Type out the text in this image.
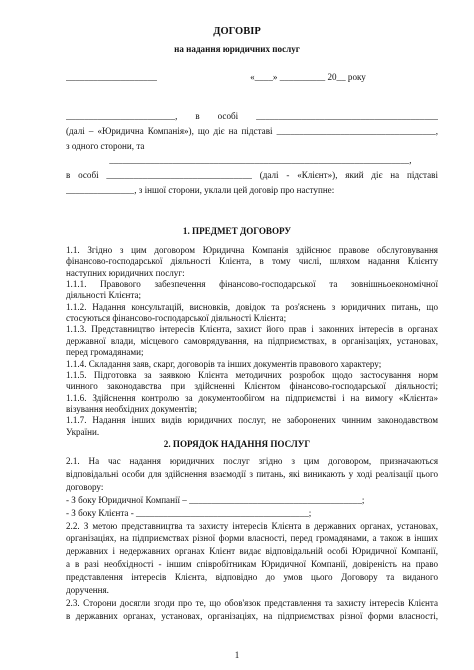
ДОГОВІР
на надання юридичних послуг
____________________                                         «____» __________ 20__ року
________________________, в особі ________________________________________
(далі – «Юридична Компанія»), що діє на підставі ___________________________________,
з одного сторони, та
__________________________________________________________________,
в особі ________________________________ (далі - «Клієнт»), який діє на підставі
_______________, з іншої сторони, уклали цей договір про наступне:
1. ПРЕДМЕТ ДОГОВОРУ
1.1. Згідно з цим договором Юридична Компанія здійснює правове обслуговування
фінансово-господарської діяльності Клієнта, в тому числі, шляхом надання Клієнту
наступних юридичних послуг:
1.1.1. Правового забезпечення фінансово-господарської та зовнішньоекономічної
діяльності Клієнта;
1.1.2. Надання консультацій, висновків, довідок та роз'яснень з юридичних питань, що
стосуються фінансово-господарської діяльності Клієнта;
1.1.3. Представництво інтересів Клієнта, захист його прав і законних інтересів в органах
державної влади, місцевого самоврядування, на підприємствах, в організаціях, установах,
перед громадянами;
1.1.4. Складання заяв, скарг, договорів та інших документів правового характеру;
1.1.5. Підготовка за заявкою Клієнта методичних розробок щодо застосування норм
чинного законодавства при здійсненні Клієнтом фінансово-господарської діяльності;
1.1.6. Здійснення контролю за документообігом на підприємстві і на вимогу «Клієнта»
візування необхідних документів;
1.1.7. Надання інших видів юридичних послуг, не заборонених чинним законодавством
України.
2. ПОРЯДОК НАДАННЯ ПОСЛУГ
2.1. На час надання юридичних послуг згідно з цим договором, призначаються
відповідальні особи для здійснення взаємодії з питань, які виникають у ході реалізації цього
договору:
- З боку Юридичної Компанії – ______________________________________;
- З боку Клієнта - ______________________________________;
2.2. З метою представництва та захисту інтересів Клієнта в державних органах, установах,
організаціях, на підприємствах різної форми власності, перед громадянами, а також в інших
державних і недержавних органах Клієнт видає відповідальній особі Юридичної Компанії,
а в разі необхідності - іншим співробітникам Юридичної Компанії, довіреність на право
представлення інтересів Клієнта, відповідно до умов цього Договору та виданого
доручення.
2.3. Сторони досягли згоди про те, що обов'язок представлення та захисту інтересів Клієнта
в державних органах, установах, організаціях, на підприємствах різної форми власності,
1
